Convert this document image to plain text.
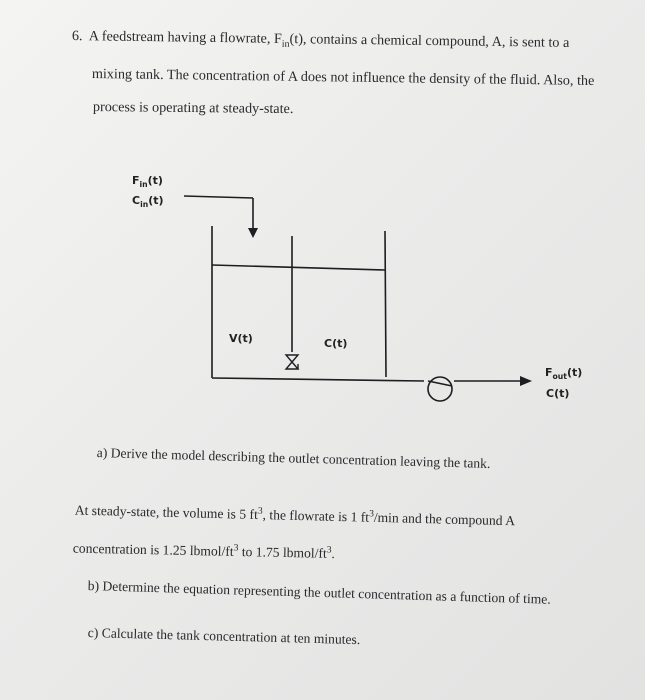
6. A feedstream having a flowrate, $F_{in}(t)$, contains a chemical compound, A, is sent to a
mixing tank. The concentration of A does not influence the density of the fluid. Also, the
process is operating at steady-state.
$F_{in}(t)$
$C_{in}(t)$
V(t)	C(t)
$F_{out}(t)$
C(t)
a) Derive the model describing the outlet concentration leaving the tank.
At steady-state, the volume is 5 $ft^3$, the flowrate is 1 $ft^3/\min$ and the compound A
concentration is 1.25 lbmol/$ft^3$ to 1.75 lbmol/$ft^3$.
b) Determine the equation representing the outlet concentration as a function of time.
c) Calculate the tank concentration at ten minutes.
